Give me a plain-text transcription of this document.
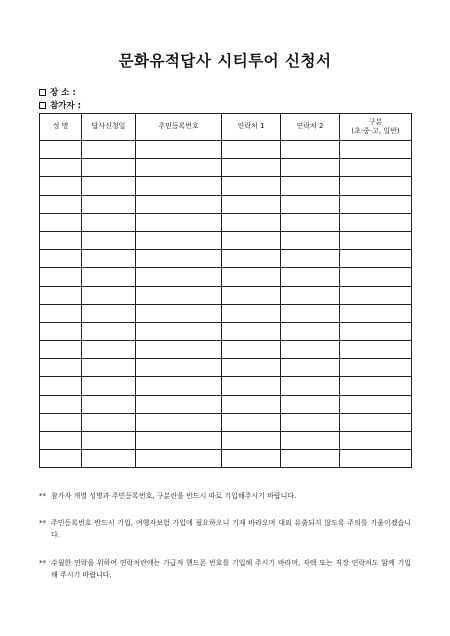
문화유적답사 시티투어 신청서
장 소 :
참가자 :
성 명	답사신청일	주민등록번호	연락처 1	연락처 2	구분
(초·중·고, 일반)

** 참가자 개별 성명과 주민등록번호, 구분란을 반드시 따로 기입해주시기 바랍니다.

** 주민등록번호 반드시 기입, 여행자보험 가입에 필요하오니 기재 바라오며 대외 유출되지 않도록 주의를 기울이겠습니다.

** 수월한 연락을 위하여 연락처란에는 가급적 핸드폰 번호를 기입해 주시기 바라며, 자택 또는 직장 연락처도 함께 기입해 주시기 바랍니다.
